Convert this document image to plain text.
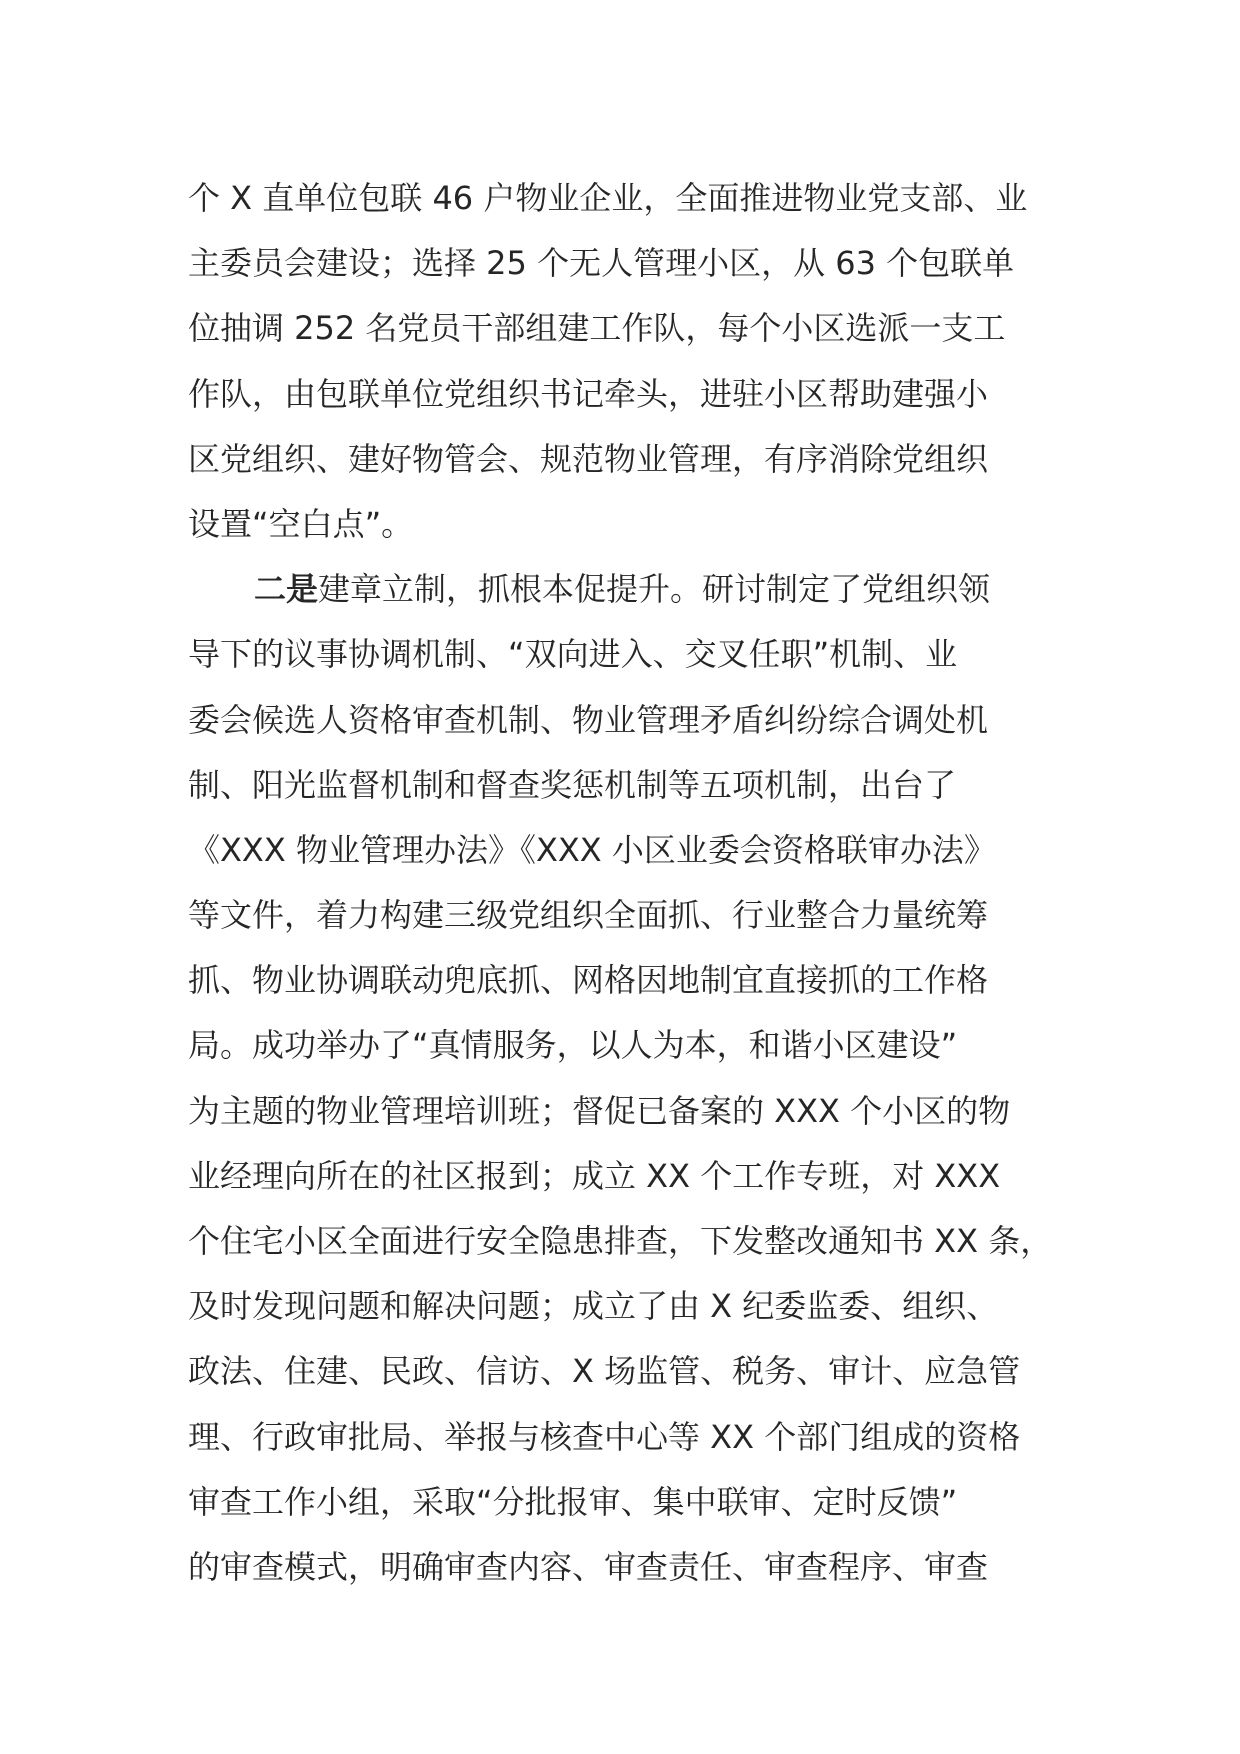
个 X 直单位包联 46 户物业企业，全面推进物业党支部、业
主委员会建设；选择 25 个无人管理小区，从 63 个包联单
位抽调 252 名党员干部组建工作队，每个小区选派一支工
作队，由包联单位党组织书记牵头，进驻小区帮助建强小
区党组织、建好物管会、规范物业管理，有序消除党组织
设置“空白点”。
二是建章立制，抓根本促提升。研讨制定了党组织领
导下的议事协调机制、“双向进入、交叉任职”机制、业
委会候选人资格审查机制、物业管理矛盾纠纷综合调处机
制、阳光监督机制和督查奖惩机制等五项机制，出台了
《XXX 物业管理办法》《XXX 小区业委会资格联审办法》
等文件，着力构建三级党组织全面抓、行业整合力量统筹
抓、物业协调联动兜底抓、网格因地制宜直接抓的工作格
局。成功举办了“真情服务，以人为本，和谐小区建设”
为主题的物业管理培训班；督促已备案的 XXX 个小区的物
业经理向所在的社区报到；成立 XX 个工作专班，对 XXX
个住宅小区全面进行安全隐患排查，下发整改通知书 XX 条，
及时发现问题和解决问题；成立了由 X 纪委监委、组织、
政法、住建、民政、信访、X 场监管、税务、审计、应急管
理、行政审批局、举报与核查中心等 XX 个部门组成的资格
审查工作小组，采取“分批报审、集中联审、定时反馈”
的审查模式，明确审查内容、审查责任、审查程序、审查
